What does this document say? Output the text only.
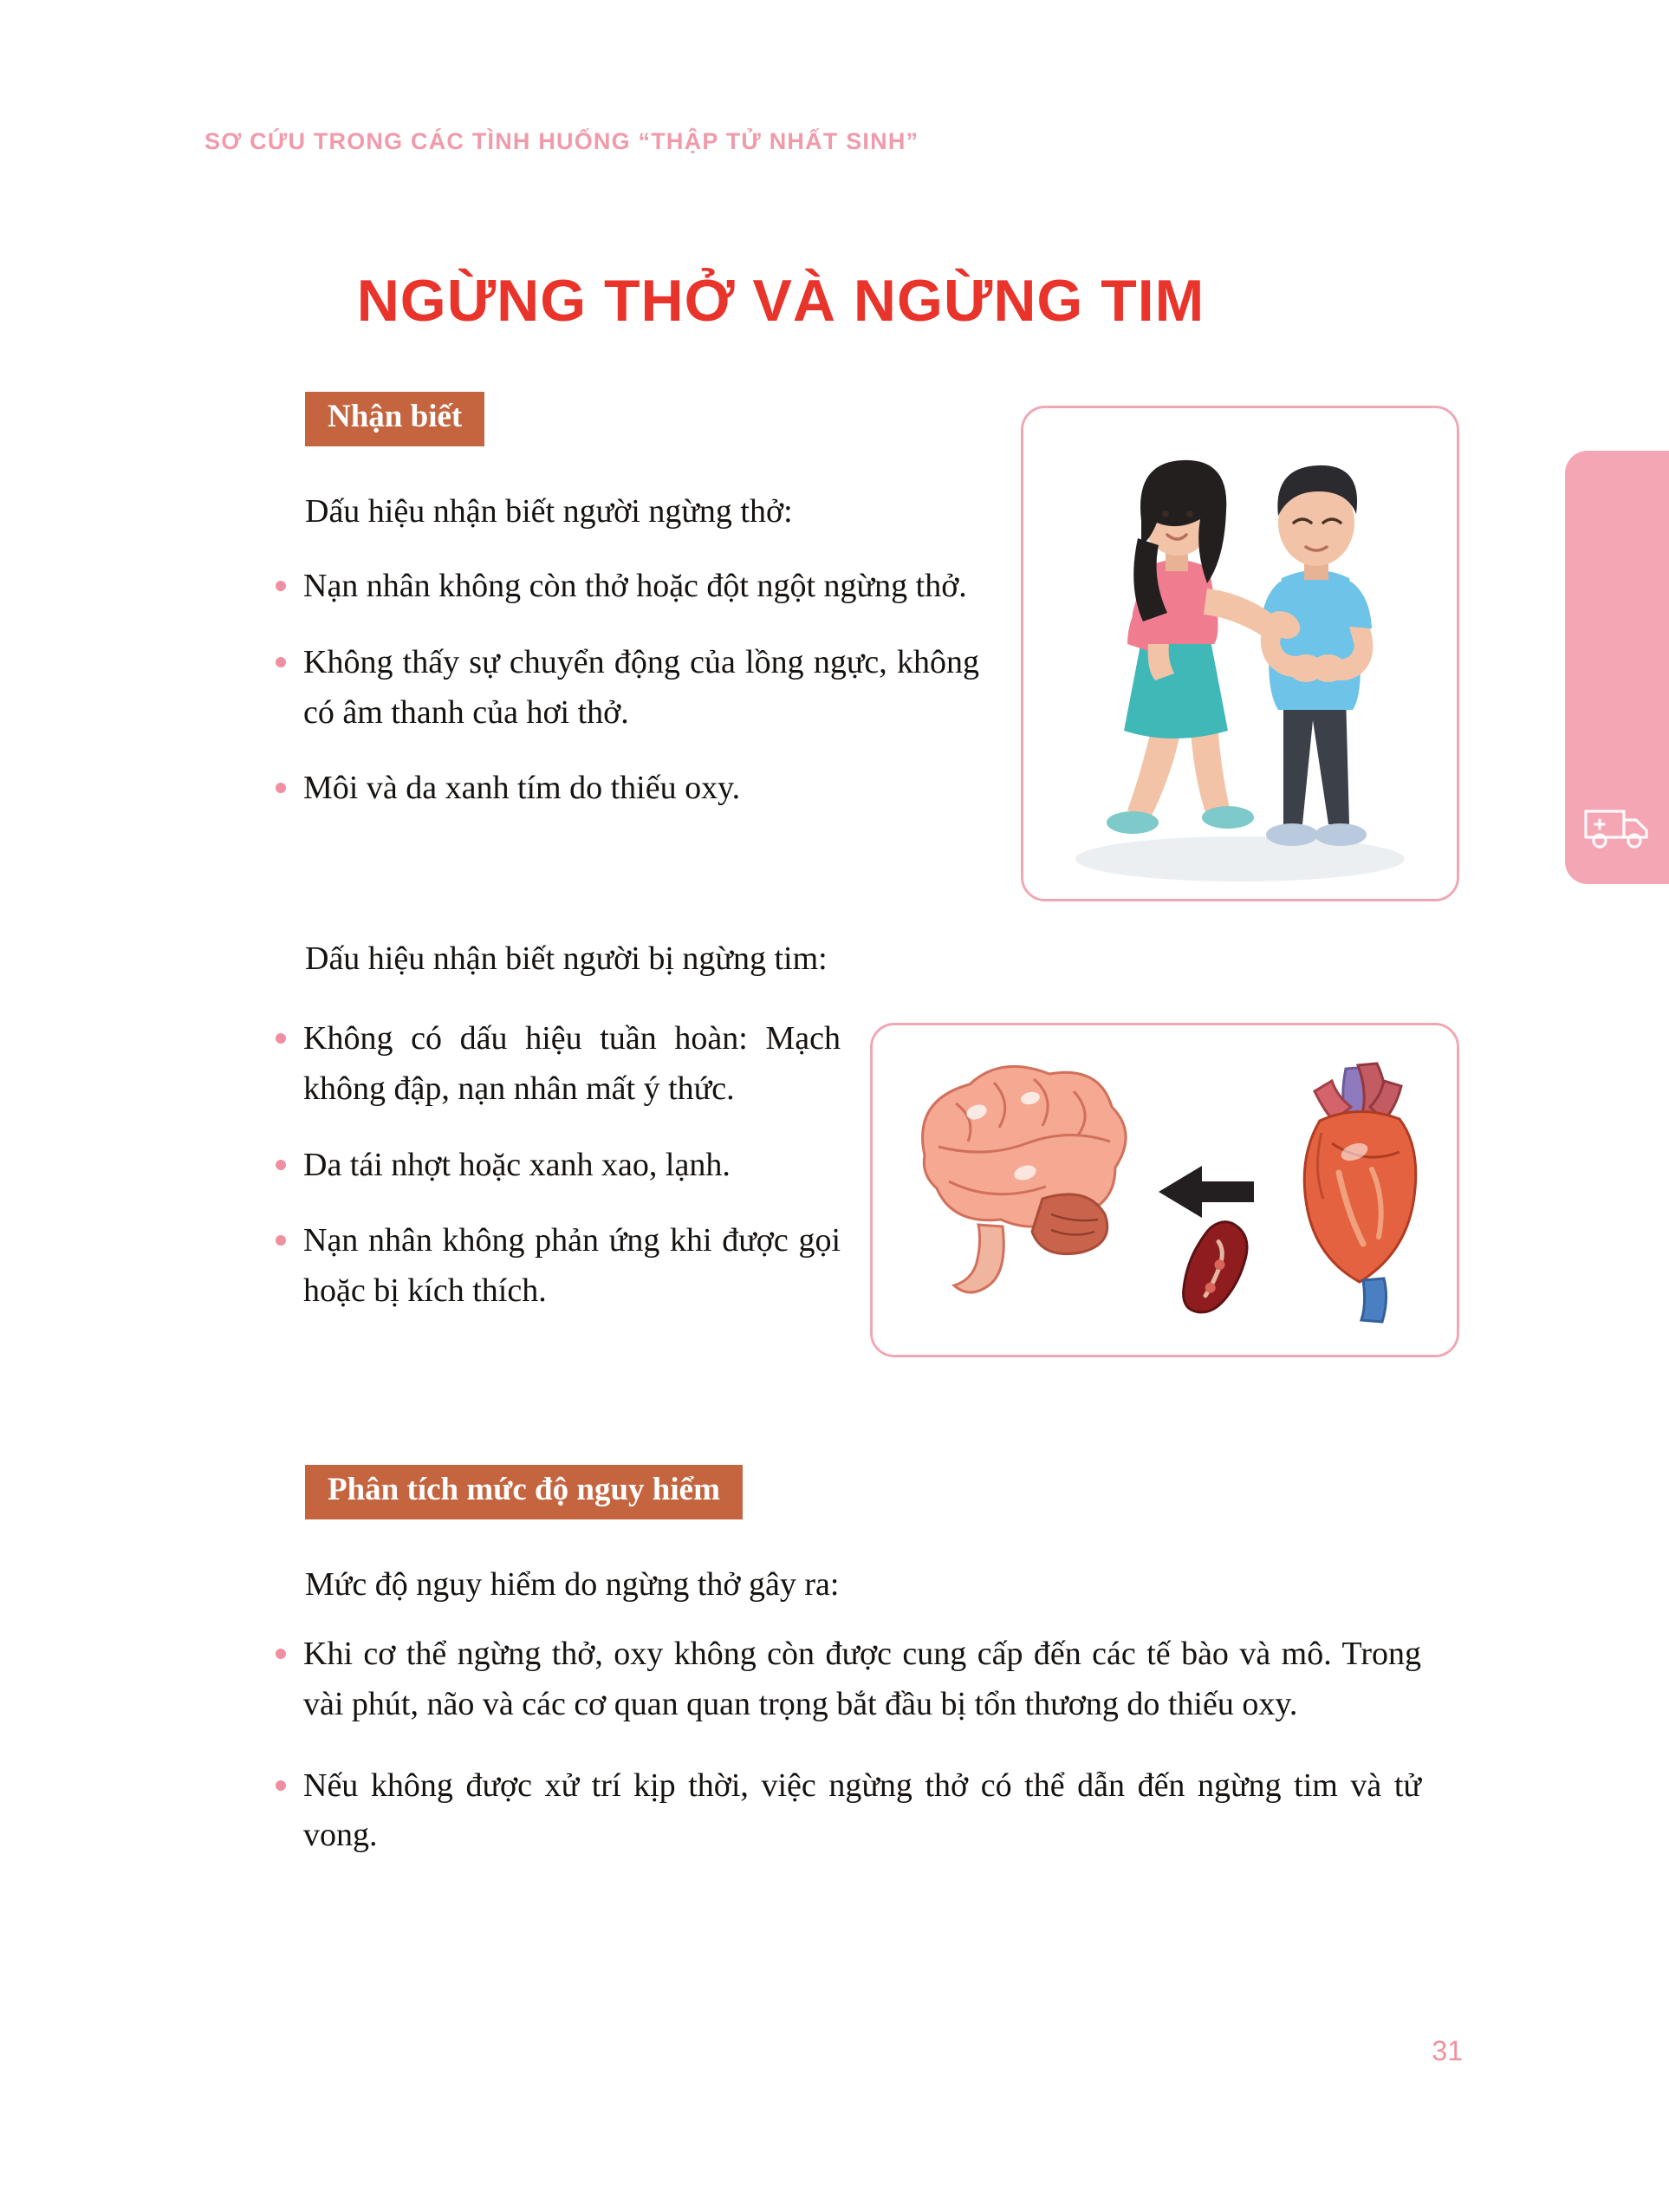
SƠ CỨU TRONG CÁC TÌNH HUỐNG “THẬP TỬ NHẤT SINH”
NGỪNG THỞ VÀ NGỪNG TIM
Nhận biết
Dấu hiệu nhận biết người ngừng thở:
Nạn nhân không còn thở hoặc đột ngột ngừng thở.
Không thấy sự chuyển động của lồng ngực, không có âm thanh của hơi thở.
Môi và da xanh tím do thiếu oxy.
Dấu hiệu nhận biết người bị ngừng tim:
Không có dấu hiệu tuần hoàn: Mạch không đập, nạn nhân mất ý thức.
Da tái nhợt hoặc xanh xao, lạnh.
Nạn nhân không phản ứng khi được gọi hoặc bị kích thích.
Phân tích mức độ nguy hiểm
Mức độ nguy hiểm do ngừng thở gây ra:
Khi cơ thể ngừng thở, oxy không còn được cung cấp đến các tế bào và mô. Trong vài phút, não và các cơ quan quan trọng bắt đầu bị tổn thương do thiếu oxy.
Nếu không được xử trí kịp thời, việc ngừng thở có thể dẫn đến ngừng tim và tử vong.
31
